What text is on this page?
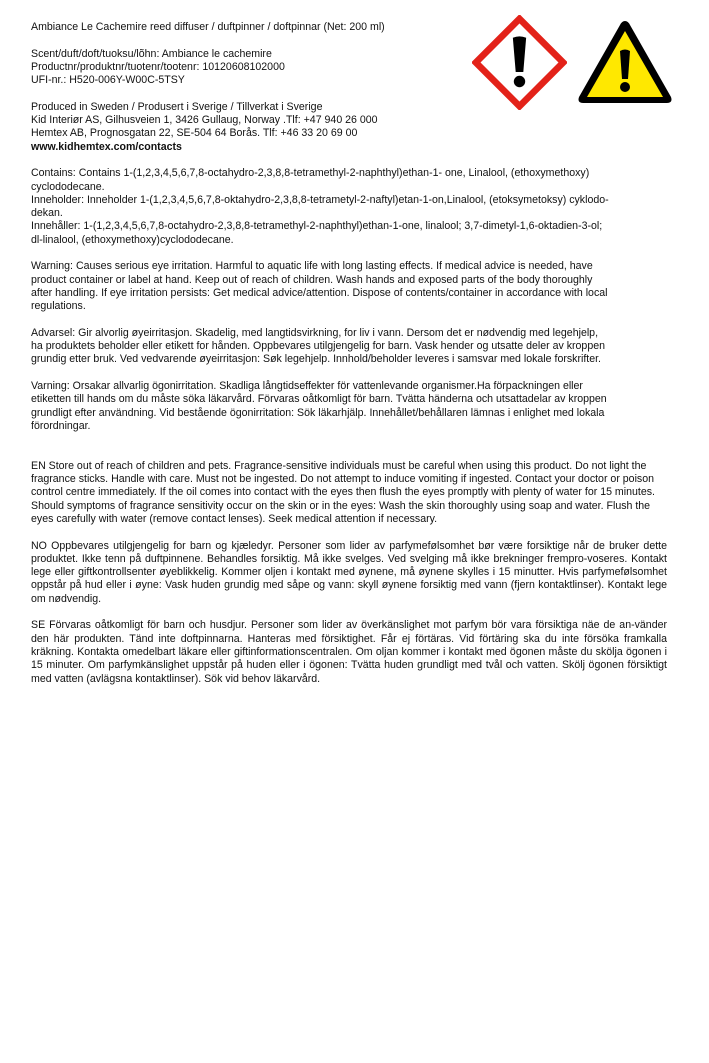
Ambiance Le Cachemire reed diffuser / duftpinner / doftpinnar (Net: 200 ml)
Scent/duft/doft/tuoksu/lõhn: Ambiance le cachemire
Productnr/produktnr/tuotenr/tootenr: 10120608102000
UFI-nr.: H520-006Y-W00C-5TSY
Produced in Sweden / Produsert i Sverige / Tillverkat i Sverige
Kid Interiør AS, Gilhusveien 1, 3426 Gullaug, Norway .Tlf: +47 940 26 000
Hemtex AB, Prognosgatan 22, SE-504 64 Borås. Tlf: +46 33 20 69 00
www.kidhemtex.com/contacts
Contains: Contains 1-(1,2,3,4,5,6,7,8-octahydro-2,3,8,8-tetramethyl-2-naphthyl)ethan-1- one, Linalool, (ethoxymethoxy)
cyclododecane.
Inneholder: Inneholder 1-(1,2,3,4,5,6,7,8-oktahydro-2,3,8,8-tetrametyl-2-naftyl)etan-1-on,Linalool, (etoksymetoksy) cyklodo-
dekan.
Innehåller: 1-(1,2,3,4,5,6,7,8-octahydro-2,3,8,8-tetramethyl-2-naphthyl)ethan-1-one, linalool; 3,7-dimetyl-1,6-oktadien-3-ol;
dl-linalool, (ethoxymethoxy)cyclododecane.
Warning: Causes serious eye irritation. Harmful to aquatic life with long lasting effects. If medical advice is needed, have
product container or label at hand. Keep out of reach of children. Wash hands and exposed parts of the body thoroughly
after handling. If eye irritation persists: Get medical advice/attention. Dispose of contents/container in accordance with local
regulations.
Advarsel: Gir alvorlig øyeirritasjon. Skadelig, med langtidsvirkning, for liv i vann. Dersom det er nødvendig med legehjelp,
ha produktets beholder eller etikett for hånden. Oppbevares utilgjengelig for barn. Vask hender og utsatte deler av kroppen
grundig etter bruk. Ved vedvarende øyeirritasjon: Søk legehjelp. Innhold/beholder leveres i samsvar med lokale forskrifter.
Varning: Orsakar allvarlig ögonirritation. Skadliga långtidseffekter för vattenlevande organismer.Ha förpackningen eller
etiketten till hands om du måste söka läkarvård. Förvaras oåtkomligt för barn. Tvätta händerna och utsattadelar av kroppen
grundligt efter användning. Vid bestående ögonirritation: Sök läkarhjälp. Innehållet/behållaren lämnas i enlighet med lokala
förordningar.
EN Store out of reach of children and pets. Fragrance-sensitive individuals must be careful when using this product. Do not light the fragrance sticks. Handle with care. Must not be ingested. Do not attempt to induce vomiting if ingested. Contact your doctor or poison control centre immediately. If the oil comes into contact with the eyes then flush the eyes promptly with plenty of water for 15 minutes. Should symptoms of fragrance sensitivity occur on the skin or in the eyes: Wash the skin thoroughly using soap and water. Flush the eyes carefully with water (remove contact lenses). Seek medical attention if necessary.
NO Oppbevares utilgjengelig for barn og kjæledyr. Personer som lider av parfymefølsomhet bør være forsiktige når de bruker dette produktet. Ikke tenn på duftpinnene. Behandles forsiktig. Må ikke svelges. Ved svelging må ikke brekninger frempro-voseres. Kontakt lege eller giftkontrollsenter øyeblikkelig. Kommer oljen i kontakt med øynene, må øynene skylles i 15 minutter. Hvis parfymefølsomhet oppstår på hud eller i øyne: Vask huden grundig med såpe og vann: skyll øynene forsiktig med vann (fjern kontaktlinser). Kontakt lege om nødvendig.
SE Förvaras oåtkomligt för barn och husdjur. Personer som lider av överkänslighet mot parfym bör vara försiktiga näe de an-vänder den här produkten. Tänd inte doftpinnarna. Hanteras med försiktighet. Får ej förtäras. Vid förtäring ska du inte försöka framkalla kräkning. Kontakta omedelbart läkare eller giftinformationscentralen. Om oljan kommer i kontakt med ögonen måste du skölja ögonen i 15 minuter. Om parfymkänslighet uppstår på huden eller i ögonen: Tvätta huden grundligt med tvål och vatten. Skölj ögonen försiktigt med vatten (avlägsna kontaktlinser). Sök vid behov läkarvård.
